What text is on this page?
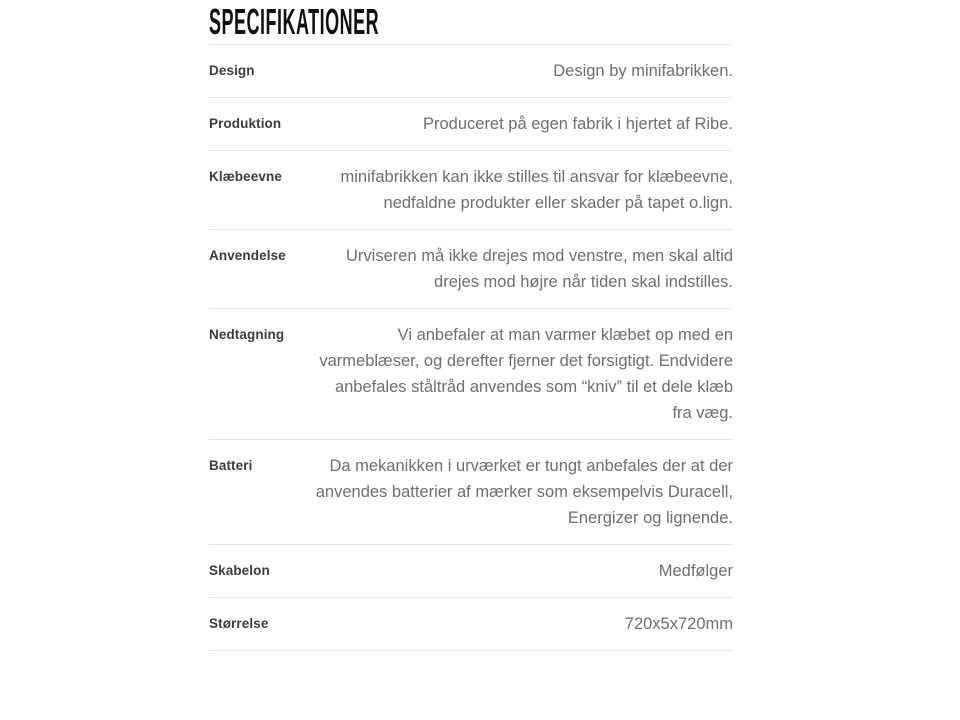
SPECIFIKATIONER
Design	Design by minifabrikken.
Produktion	Produceret på egen fabrik i hjertet af Ribe.
Klæbeevne	minifabrikken kan ikke stilles til ansvar for klæbeevne, nedfaldne produkter eller skader på tapet o.lign.
Anvendelse	Urviseren må ikke drejes mod venstre, men skal altid drejes mod højre når tiden skal indstilles.
Nedtagning	Vi anbefaler at man varmer klæbet op med en varmeblæser, og derefter fjerner det forsigtigt. Endvidere anbefales ståltråd anvendes som “kniv” til et dele klæb fra væg.
Batteri	Da mekanikken i urværket er tungt anbefales der at der anvendes batterier af mærker som eksempelvis Duracell, Energizer og lignende.
Skabelon	Medfølger
Størrelse	720x5x720mm
